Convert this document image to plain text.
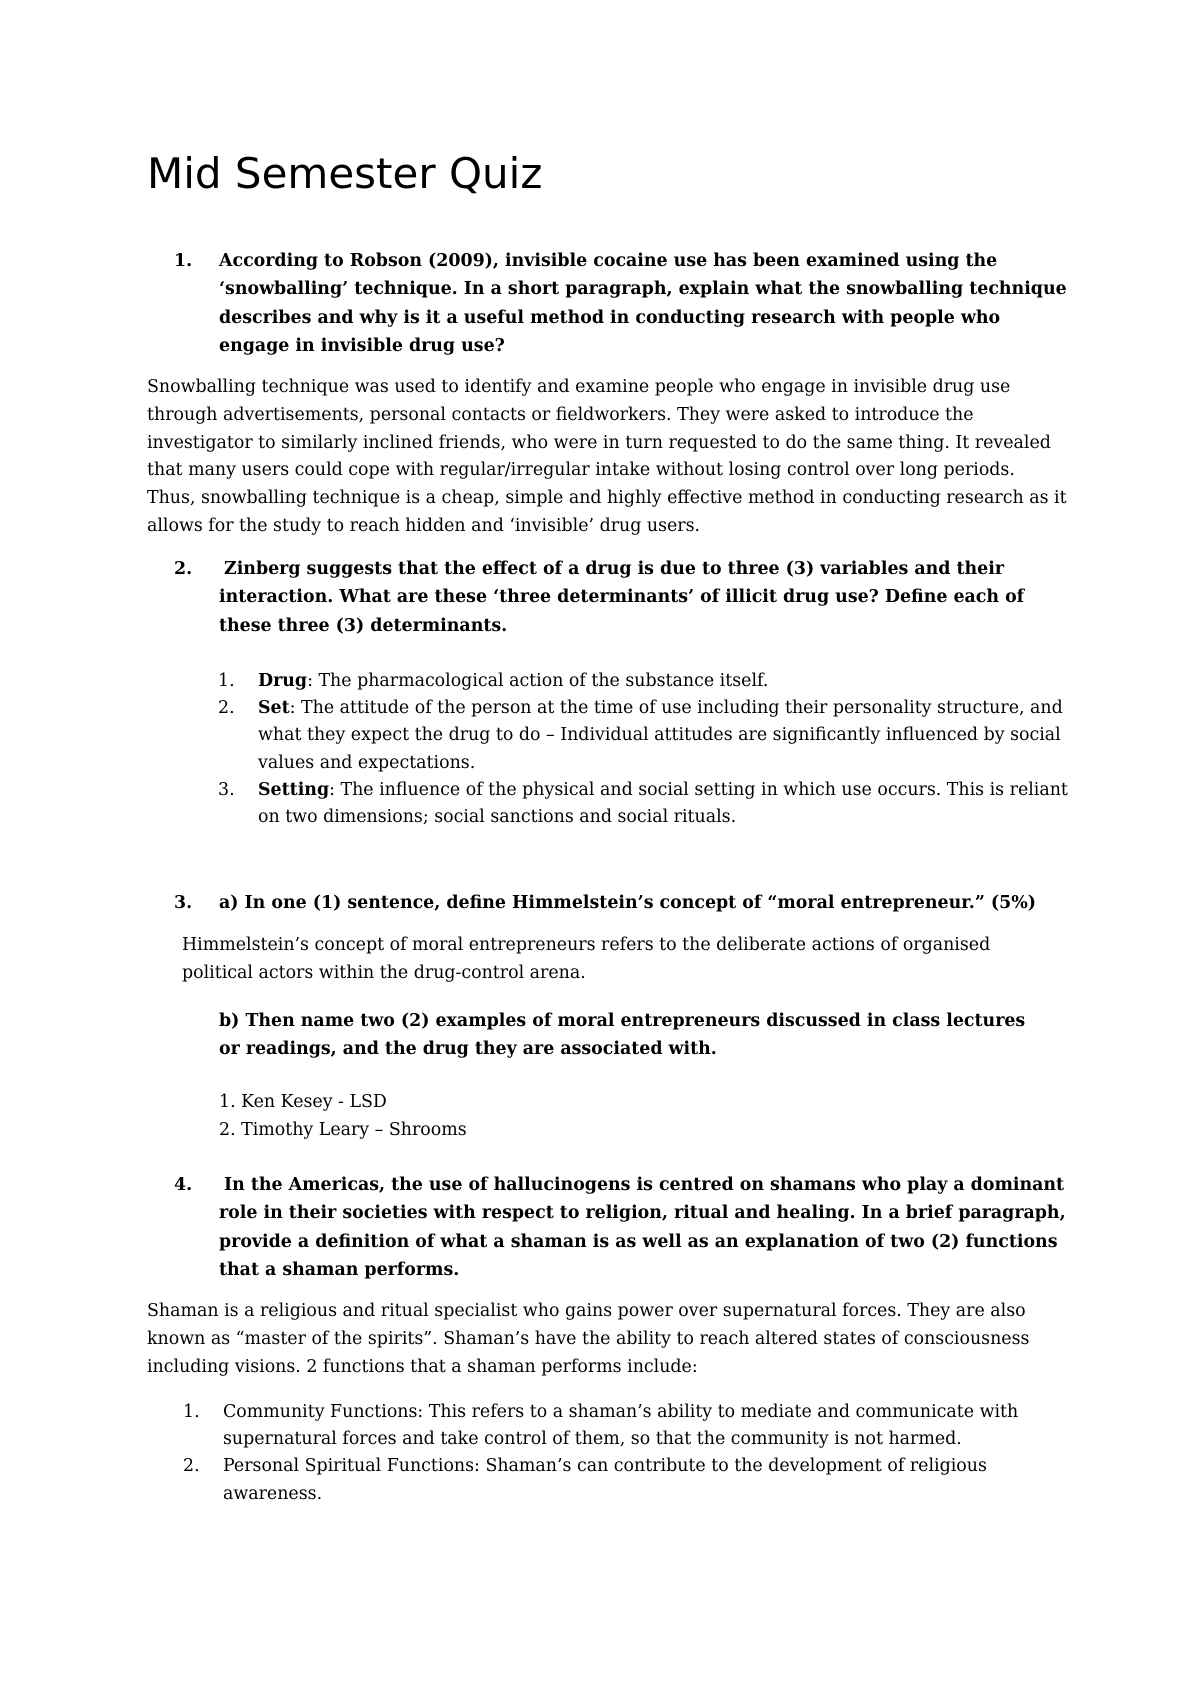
Mid Semester Quiz
1. According to Robson (2009), invisible cocaine use has been examined using the ‘snowballing’ technique. In a short paragraph, explain what the snowballing technique describes and why is it a useful method in conducting research with people who engage in invisible drug use?

Snowballing technique was used to identify and examine people who engage in invisible drug use through advertisements, personal contacts or fieldworkers. They were asked to introduce the investigator to similarly inclined friends, who were in turn requested to do the same thing. It revealed that many users could cope with regular/irregular intake without losing control over long periods. Thus, snowballing technique is a cheap, simple and highly effective method in conducting research as it allows for the study to reach hidden and ‘invisible’ drug users.

2. Zinberg suggests that the effect of a drug is due to three (3) variables and their interaction. What are these ‘three determinants’ of illicit drug use? Define each of these three (3) determinants.
1. Drug: The pharmacological action of the substance itself.
2. Set: The attitude of the person at the time of use including their personality structure, and what they expect the drug to do – Individual attitudes are significantly influenced by social values and expectations.
3. Setting: The influence of the physical and social setting in which use occurs. This is reliant on two dimensions; social sanctions and social rituals.
3. a) In one (1) sentence, define Himmelstein’s concept of “moral entrepreneur.” (5%)

Himmelstein’s concept of moral entrepreneurs refers to the deliberate actions of organised political actors within the drug-control arena.

b) Then name two (2) examples of moral entrepreneurs discussed in class lectures or readings, and the drug they are associated with.

1. Ken Kesey - LSD
2. Timothy Leary – Shrooms
4. In the Americas, the use of hallucinogens is centred on shamans who play a dominant role in their societies with respect to religion, ritual and healing. In a brief paragraph, provide a definition of what a shaman is as well as an explanation of two (2) functions that a shaman performs.

Shaman is a religious and ritual specialist who gains power over supernatural forces. They are also known as “master of the spirits”. Shaman’s have the ability to reach altered states of consciousness including visions. 2 functions that a shaman performs include:

1. Community Functions: This refers to a shaman’s ability to mediate and communicate with supernatural forces and take control of them, so that the community is not harmed.
2. Personal Spiritual Functions: Shaman’s can contribute to the development of religious awareness.
